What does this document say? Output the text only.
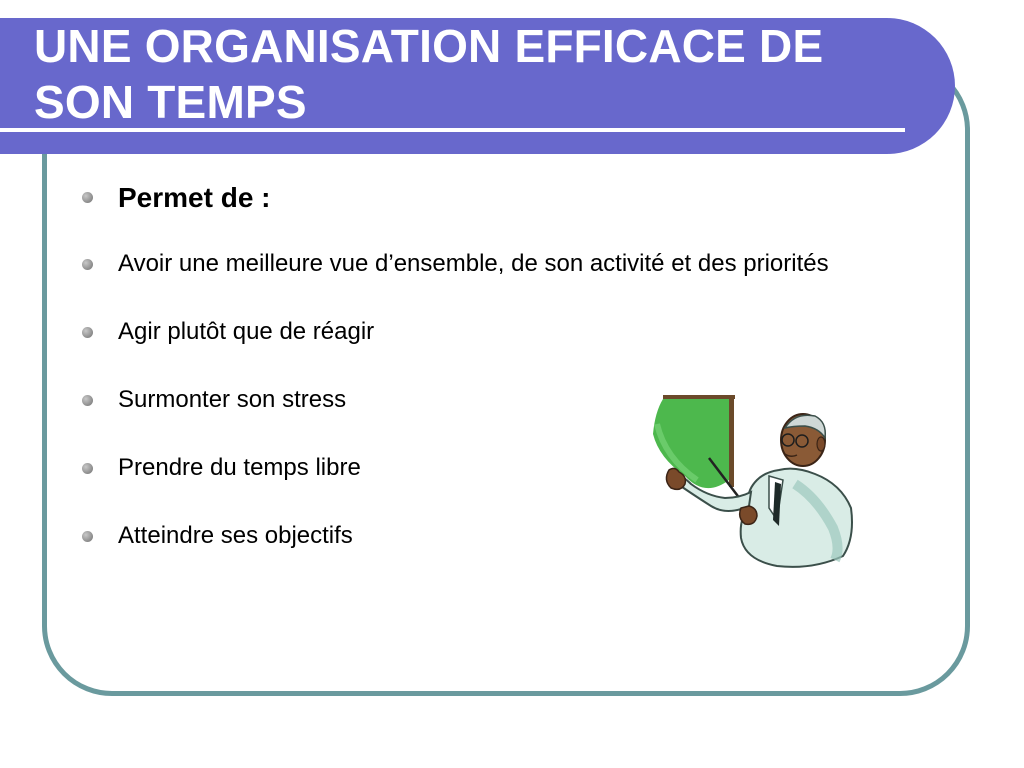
UNE ORGANISATION EFFICACE DE SON TEMPS
Permet de :
Avoir une meilleure vue d’ensemble, de son activité et des priorités
Agir plutôt que de réagir
Surmonter son stress
Prendre du temps libre
Atteindre ses objectifs
